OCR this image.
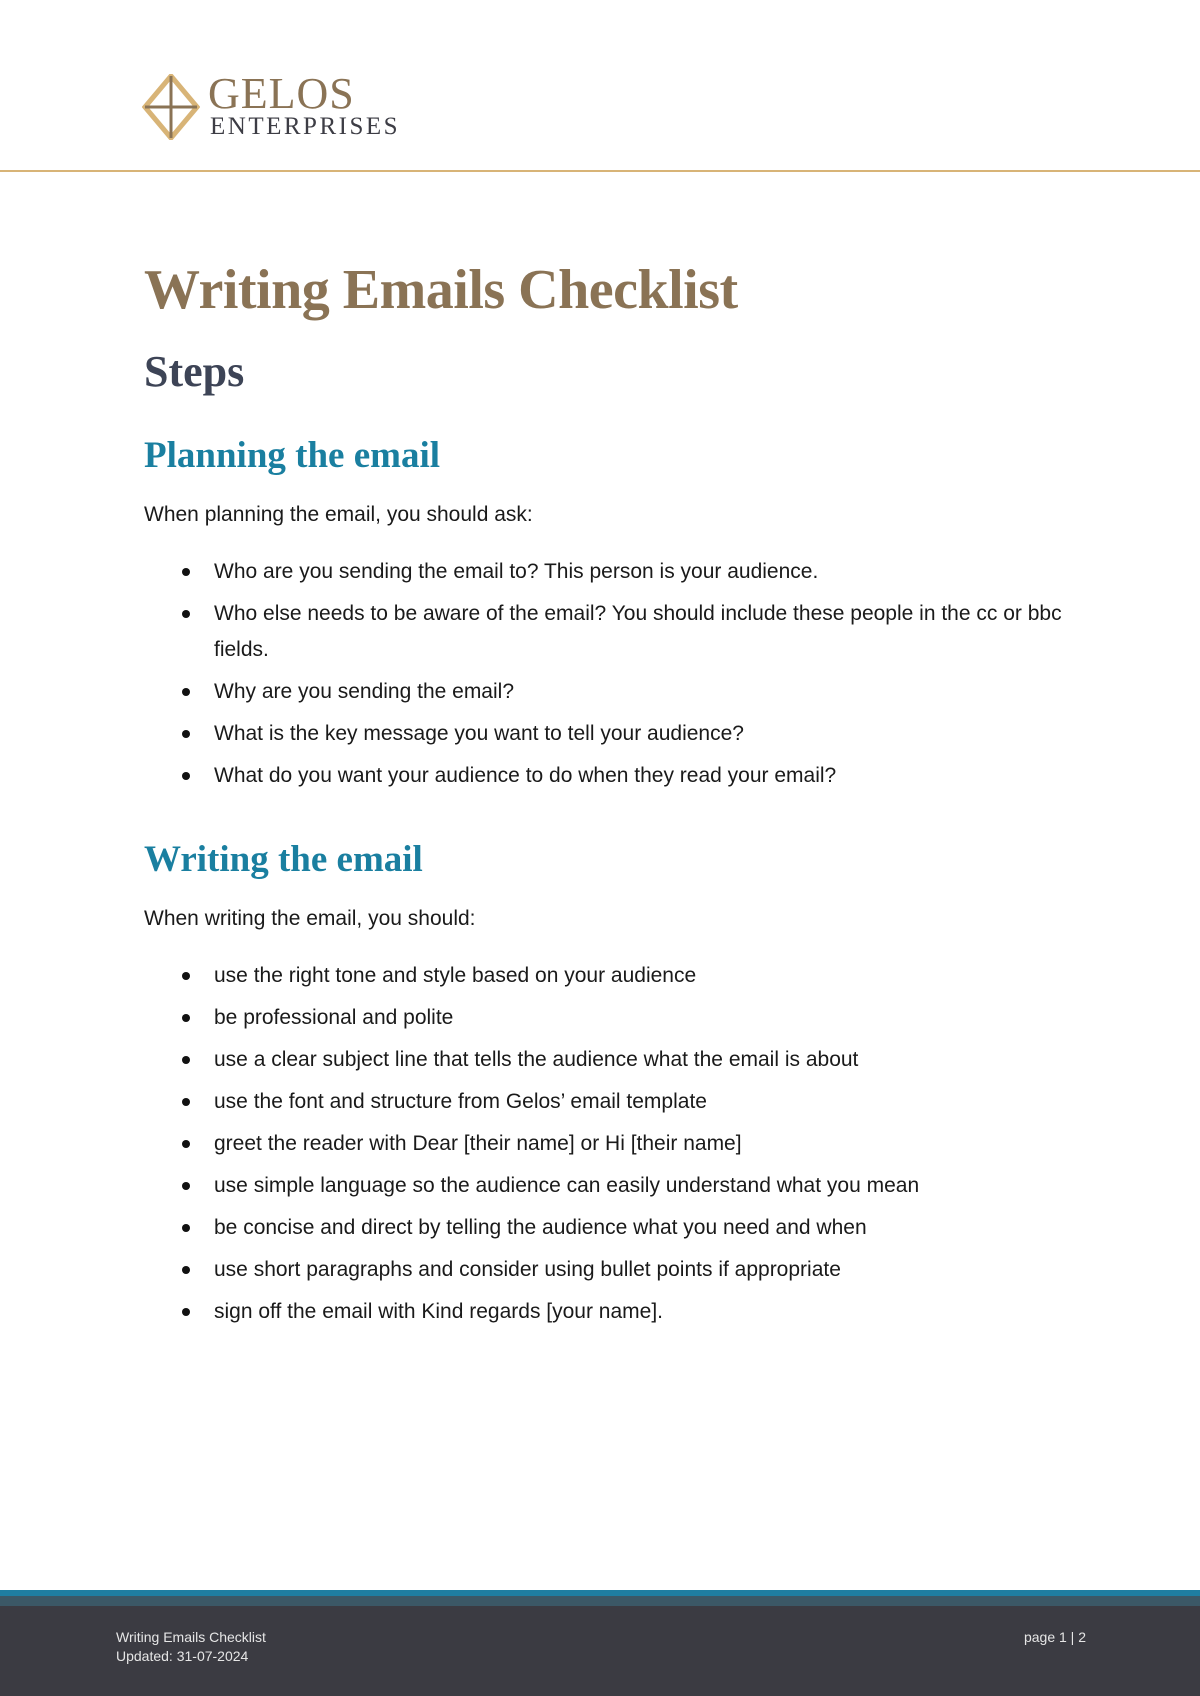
GELOS
ENTERPRISES
Writing Emails Checklist
Steps
Planning the email

When planning the email, you should ask:

Who are you sending the email to? This person is your audience.
Who else needs to be aware of the email? You should include these people in the cc or bbc fields.
Why are you sending the email?
What is the key message you want to tell your audience?
What do you want your audience to do when they read your email?
Writing the email

When writing the email, you should:

use the right tone and style based on your audience
be professional and polite
use a clear subject line that tells the audience what the email is about
use the font and structure from Gelos’ email template
greet the reader with Dear [their name] or Hi [their name]
use simple language so the audience can easily understand what you mean
be concise and direct by telling the audience what you need and when
use short paragraphs and consider using bullet points if appropriate
sign off the email with Kind regards [your name].
Writing Emails Checklist
Updated: 31-07-2024
page 1 | 2
